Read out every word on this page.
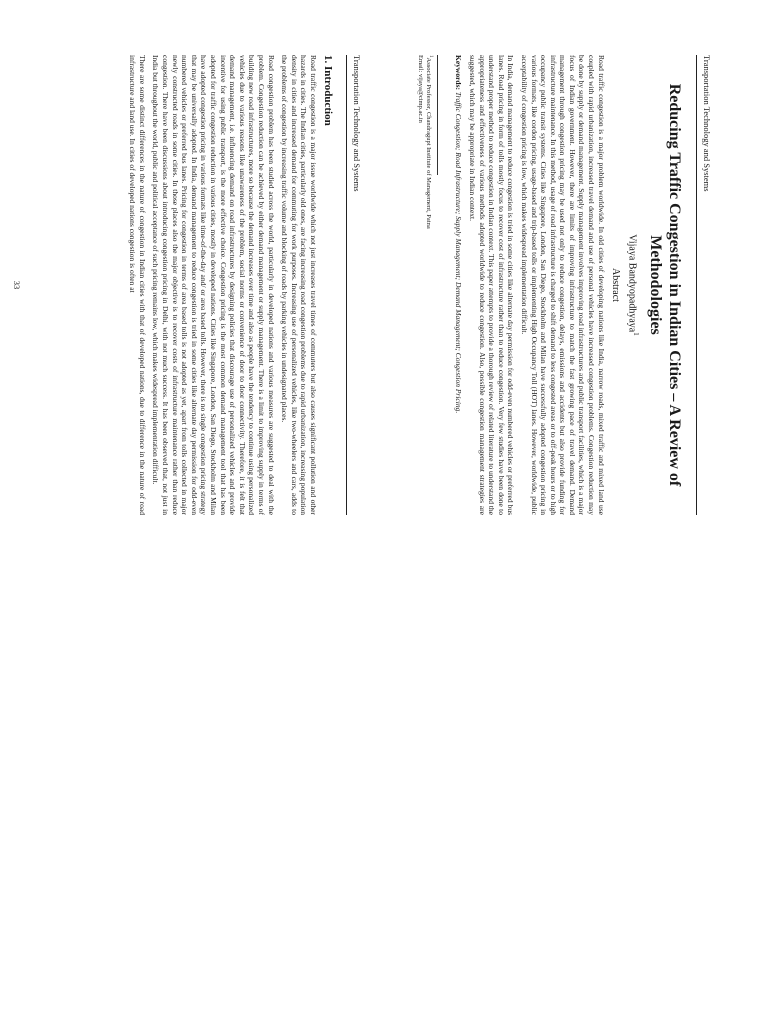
Transportation Technology and Systems
Reducing Traffic Congestion in Indian Cities – A Review of Methodologies
Vijaya Bandyopadhyaya$^1$
Abstract

Road traffic congestion is a major problem worldwide. In old cities of developing nations like India, narrow roads, mixed traffic and mixed land use coupled with rapid urbanization, increased travel demand and use of personal vehicles have increased congestion problems. Congestion reduction may be done by supply or demand management. Supply management involves improving road infrastructures and public transport facilities, which is a major focus of Indian government. However, there are limits of improving infrastructure to match the fast growing pace of travel demand. Demand management through congestion pricing may be used not only to reduce congestion, delays, emissions and accidents but also provide funding for infrastructure maintenance. In this method, usage of road infrastructure is charged to shift demand to less congested areas or to off-peak hours or to high occupancy public transit systems. Cities like Singapore, London, San Diego, Stockholm and Milan have successfully adopted congestion pricing in various formats, like cordon pricing, usage-based and trip-based tolls or implementing High Occupancy Toll (HOT) lanes. However, worldwide, public acceptability of congestion pricing is low, which makes widespread implementation difficult.

In India, demand management to reduce congestion is tried in some cities like alternate day permission for odd-even numbered vehicles or preferred bus lanes. Road pricing in form of tolls mostly focus to recover cost of infrastructure rather than to reduce congestion. Very few studies have been done to understand proper method to reduce congestion in Indian context. This paper attempts to provide a thorough review of related literature to understand the appropriateness and effectiveness of various methods adopted worldwide to reduce congestion. Also, possible congestion management strategies are suggested, which may be appropriate in Indian context.

Keywords: Traffic Congestion; Road Infrastructure; Supply Management; Demand Management; Congestion Pricing.

$^1$Associate Professor, Chandragupt Institute of Management, Patna
Email: vijaya@cimp.ac.in
33
Transportation Technology and Systems
1. Introduction

Road traffic congestion is a major issue worldwide which not just increases travel times of commuters but also causes significant pollution and other hazards in cities. The Indian cities, particularly old ones, are facing increasing road congestion problems due to rapid urbanization, increasing population density in cities and increased demand for commuting for work purposes. Increasing use of personalized vehicles, like two-wheelers and cars, adds to the problems of congestion by increasing traffic volume and blocking of roads by parking vehicles in undesignated places.

Road congestion problem has been studied across the world, particularly in developed nations and various measures are suggested to deal with the problem. Congestion reduction can be achieved by either demand management or supply management. There is a limit to improving supply in terms of building new road infrastructures, more so because the demand increases over time and also as people have the tendency to continue using personalized vehicles due to various reasons like unawareness of the problem, social norms or convenience of door to door connectivity. Therefore, it is felt that demand management, i.e. influencing demand on road infrastructures by designing policies that discourage use of personalized vehicles and provide incentive for using public transport, is the more effective choice. Congestion pricing is the most common demand management tool that has been adopted for traffic congestion reduction in various cities, mostly in developed nations. Cities like Singapore, London, San Diego, Stockholm and Milan have adopted congestion pricing in various formats like time-of-the-day and/ or area based tolls. However, there is no single congestion pricing strategy that may be universally adopted. In India, demand management to reduce congestion is tried in some cities like alternate day permission for odd-even numbered vehicles or preferred bus lanes. Pricing for congestion in terms of area based tolls is not adopted as yet, apart from tolls collected in major newly constructed roads in some cities. In those places also the major objective is to recover costs of infrastructure maintenance rather than reduce congestion. There have been discussions about introducing congestion pricing in Delhi, with not much success. It has been observed that, not just in India but throughout the world, public and political acceptance of such pricing remains low, which makes widespread implementation difficult.

There are some distinct differences in the nature of congestion in Indian cities with that of developed nations, due to difference in the nature of road infrastructure and land use. In cities of developed nations congestion is often at
